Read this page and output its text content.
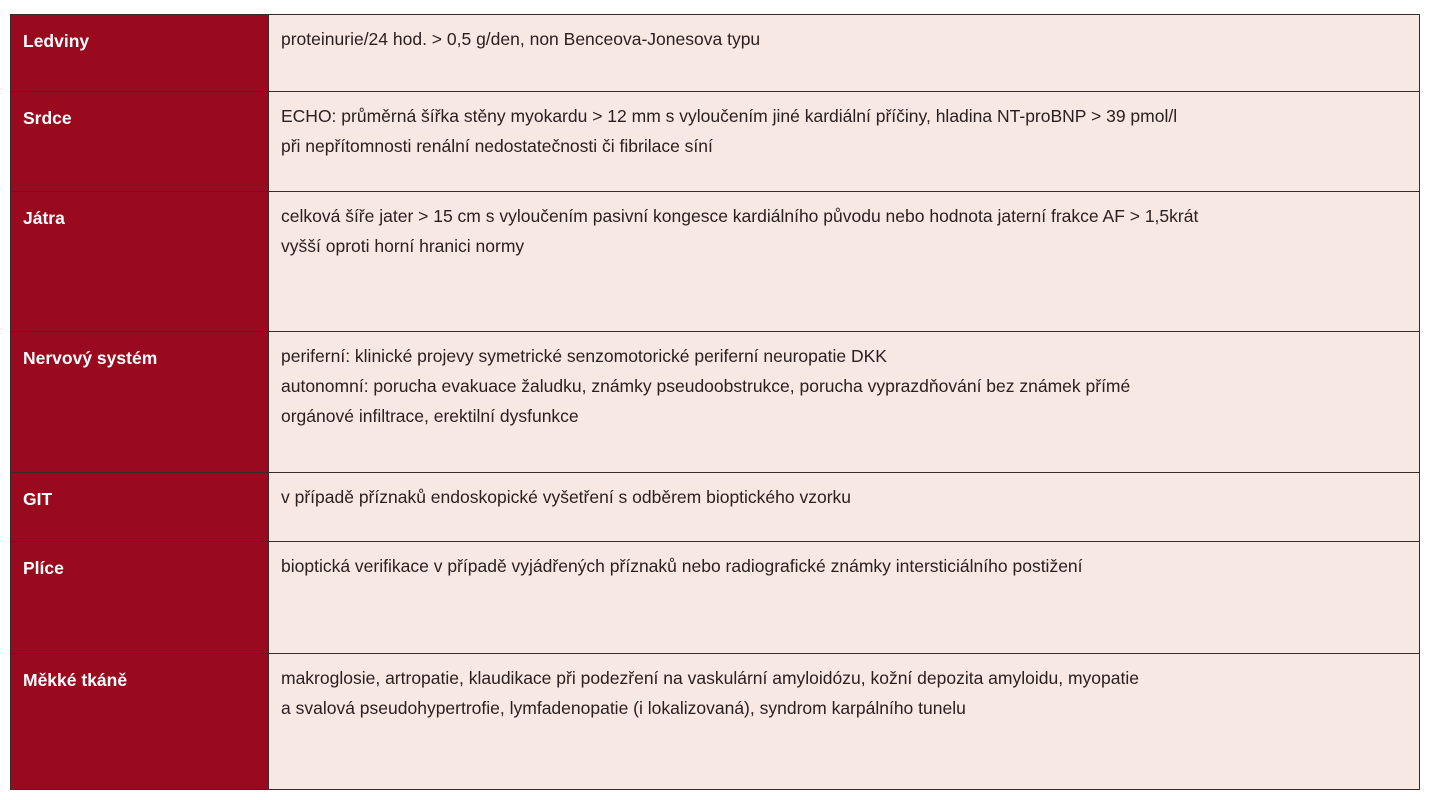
Ledviny	proteinurie/24 hod. > 0,5 g/den, non Benceova-Jonesova typu

Srdce	ECHO: průměrná šířka stěny myokardu > 12 mm s vyloučením jiné kardiální příčiny, hladina NT-proBNP > 39 pmol/l
při nepřítomnosti renální nedostatečnosti či fibrilace síní

Játra	celková šíře jater > 15 cm s vyloučením pasivní kongesce kardiálního původu nebo hodnota jaterní frakce AF > 1,5krát
vyšší oproti horní hranici normy

Nervový systém	periferní: klinické projevy symetrické senzomotorické periferní neuropatie DKK
autonomní: porucha evakuace žaludku, známky pseudoobstrukce, porucha vyprazdňování bez známek přímé
orgánové infiltrace, erektilní dysfunkce

GIT	v případě příznaků endoskopické vyšetření s odběrem bioptického vzorku

Plíce	bioptická verifikace v případě vyjádřených příznaků nebo radiografické známky intersticiálního postižení

Měkké tkáně	makroglosie, artropatie, klaudikace při podezření na vaskulární amyloidózu, kožní depozita amyloidu, myopatie
a svalová pseudohypertrofie, lymfadenopatie (i lokalizovaná), syndrom karpálního tunelu
